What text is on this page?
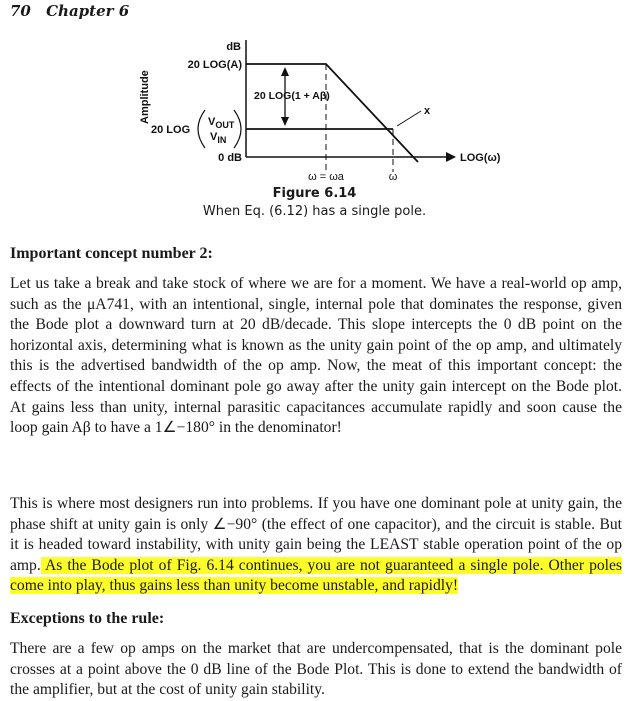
70 Chapter 6
Amplitude
dB
20 LOG(A)
0 dB
20 LOG
$V_{OUT}$
$V_{IN}$
20 LOG(1 + Aβ)
x
ω = ωa	ω
LOG(ω)
Figure 6.14
When Eq. (6.12) has a single pole.
Important concept number 2:
Let us take a break and take stock of where we are for a moment. We have a real-world op amp, such as the μA741, with an intentional, single, internal pole that dominates the response, given the Bode plot a downward turn at 20 dB/decade. This slope intercepts the 0 dB point on the horizontal axis, determining what is known as the unity gain point of the op amp, and ultimately this is the advertised bandwidth of the op amp. Now, the meat of this important concept: the effects of the intentional dominant pole go away after the unity gain intercept on the Bode plot. At gains less than unity, internal parasitic capacitances accumulate rapidly and soon cause the loop gain Aβ to have a 1∠−180° in the denominator!
This is where most designers run into problems. If you have one dominant pole at unity gain, the phase shift at unity gain is only ∠−90° (the effect of one capacitor), and the circuit is stable. But it is headed toward instability, with unity gain being the LEAST stable operation point of the op amp. As the Bode plot of Fig. 6.14 continues, you are not guaranteed a single pole. Other poles come into play, thus gains less than unity become unstable, and rapidly!
Exceptions to the rule:
There are a few op amps on the market that are undercompensated, that is the dominant pole crosses at a point above the 0 dB line of the Bode Plot. This is done to extend the bandwidth of the amplifier, but at the cost of unity gain stability.
